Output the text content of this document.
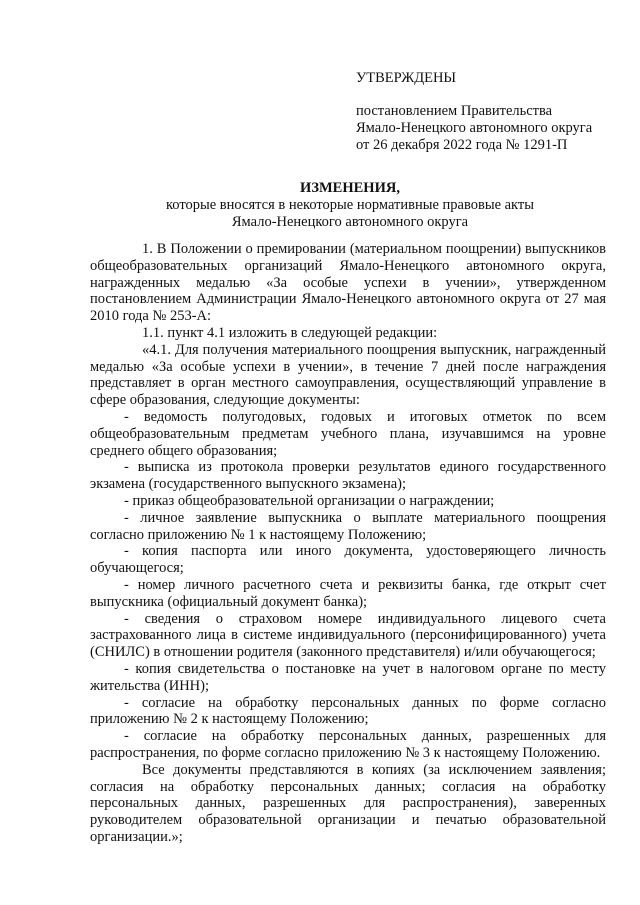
УТВЕРЖДЕНЫ
постановлением Правительства
Ямало-Ненецкого автономного округа
от 26 декабря 2022 года № 1291-П
ИЗМЕНЕНИЯ,
которые вносятся в некоторые нормативные правовые акты
Ямало-Ненецкого автономного округа

1. В Положении о премировании (материальном поощрении) выпускников общеобразовательных организаций Ямало-Ненецкого автономного округа, награжденных медалью «За особые успехи в учении», утвержденном постановлением Администрации Ямало-Ненецкого автономного округа от 27 мая 2010 года № 253-А:

1.1. пункт 4.1 изложить в следующей редакции:

«4.1. Для получения материального поощрения выпускник, награжденный медалью «За особые успехи в учении», в течение 7 дней после награждения представляет в орган местного самоуправления, осуществляющий управление в сфере образования, следующие документы:

- ведомость полугодовых, годовых и итоговых отметок по всем общеобразовательным предметам учебного плана, изучавшимся на уровне среднего общего образования;

- выписка из протокола проверки результатов единого государственного экзамена (государственного выпускного экзамена);

- приказ общеобразовательной организации о награждении;

- личное заявление выпускника о выплате материального поощрения согласно приложению № 1 к настоящему Положению;

- копия паспорта или иного документа, удостоверяющего личность обучающегося;

- номер личного расчетного счета и реквизиты банка, где открыт счет выпускника (официальный документ банка);

- сведения о страховом номере индивидуального лицевого счета застрахованного лица в системе индивидуального (персонифицированного) учета (СНИЛС) в отношении родителя (законного представителя) и/или обучающегося;

- копия свидетельства о постановке на учет в налоговом органе по месту жительства (ИНН);

- согласие на обработку персональных данных по форме согласно приложению № 2 к настоящему Положению;

- согласие на обработку персональных данных, разрешенных для распространения, по форме согласно приложению № 3 к настоящему Положению.

Все документы представляются в копиях (за исключением заявления; согласия на обработку персональных данных; согласия на обработку персональных данных, разрешенных для распространения), заверенных руководителем образовательной организации и печатью образовательной организации.»;
